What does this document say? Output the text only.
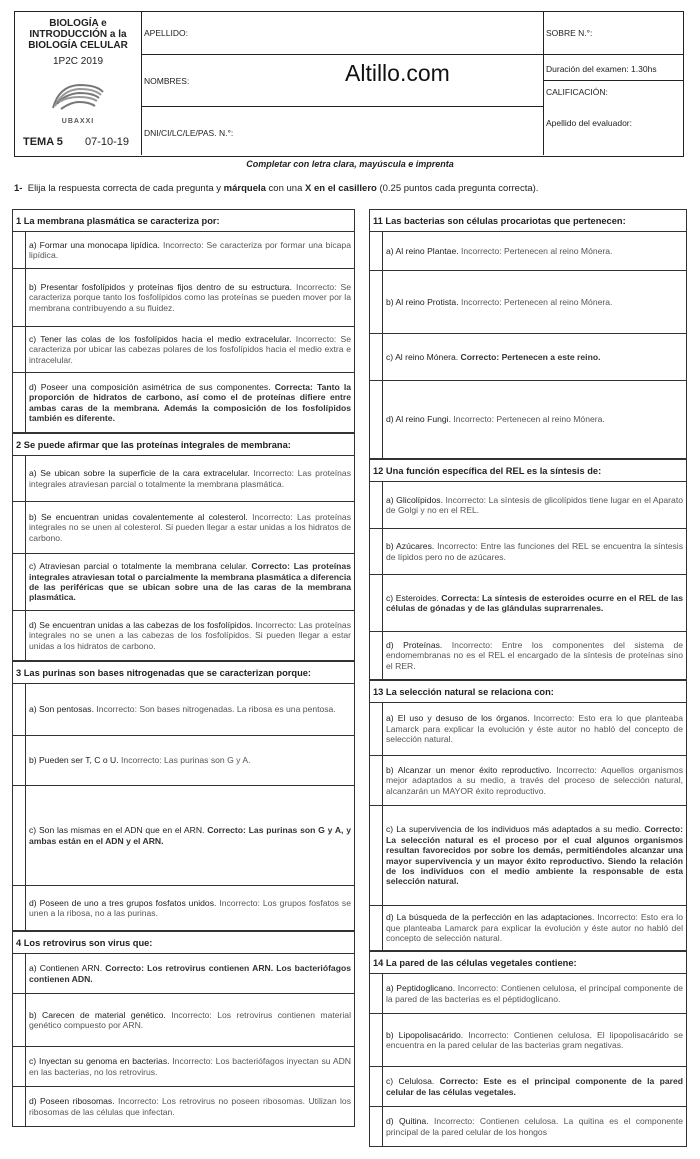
BIOLOGÍA e INTRODUCCIÓN a la BIOLOGÍA CELULAR
1P2C 2019
UBAXXI
TEMA 5 07-10-19
APELLIDO:
NOMBRES:	Altillo.com
DNI/CI/LC/LE/PAS. N.°:
SOBRE N.°:
Duración del examen: 1.30hs
CALIFICACIÓN:
Apellido del evaluador:
Completar con letra clara, mayúscula e imprenta
1- Elija la respuesta correcta de cada pregunta y márquela con una X en el casillero (0.25 puntos cada pregunta correcta).
1 La membrana plasmática se caracteriza por:
a) Formar una monocapa lipídica. Incorrecto: Se caracteriza por formar una bicapa lipídica.
b) Presentar fosfolípidos y proteínas fijos dentro de su estructura. Incorrecto: Se caracteriza porque tanto los fosfolípidos como las proteínas se pueden mover por la membrana contribuyendo a su fluidez.
c) Tener las colas de los fosfolípidos hacia el medio extracelular. Incorrecto: Se caracteriza por ubicar las cabezas polares de los fosfolípidos hacia el medio extra e intracelular.
d) Poseer una composición asimétrica de sus componentes. Correcta: Tanto la proporción de hidratos de carbono, así como el de proteínas difiere entre ambas caras de la membrana. Además la composición de los fosfolípidos también es diferente.
2 Se puede afirmar que las proteínas integrales de membrana:
a) Se ubican sobre la superficie de la cara extracelular. Incorrecto: Las proteínas integrales atraviesan parcial o totalmente la membrana plasmática.
b) Se encuentran unidas covalentemente al colesterol. Incorrecto: Las proteínas integrales no se unen al colesterol. Si pueden llegar a estar unidas a los hidratos de carbono.
c) Atraviesan parcial o totalmente la membrana celular. Correcto: Las proteínas integrales atraviesan total o parcialmente la membrana plasmática a diferencia de las periféricas que se ubican sobre una de las caras de la membrana plasmática.
d) Se encuentran unidas a las cabezas de los fosfolípidos. Incorrecto: Las proteínas integrales no se unen a las cabezas de los fosfolípidos. Si pueden llegar a estar unidas a los hidratos de carbono.
3 Las purinas son bases nitrogenadas que se caracterizan porque:
a) Son pentosas. Incorrecto: Son bases nitrogenadas. La ribosa es una pentosa.
b) Pueden ser T, C o U. Incorrecto: Las purinas son G y A.
c) Son las mismas en el ADN que en el ARN. Correcto: Las purinas son G y A, y ambas están en el ADN y el ARN.
d) Poseen de uno a tres grupos fosfatos unidos. Incorrecto: Los grupos fosfatos se unen a la ribosa, no a las purinas.
4 Los retrovirus son virus que:
a) Contienen ARN. Correcto: Los retrovirus contienen ARN. Los bacteriófagos contienen ADN.
b) Carecen de material genético. Incorrecto: Los retrovirus contienen material genético compuesto por ARN.
c) Inyectan su genoma en bacterias. Incorrecto: Los bacteriófagos inyectan su ADN en las bacterias, no los retrovirus.
d) Poseen ribosomas. Incorrecto: Los retrovirus no poseen ribosomas. Utilizan los ribosomas de las células que infectan.
11 Las bacterias son células procariotas que pertenecen:
a) Al reino Plantae. Incorrecto: Pertenecen al reino Mónera.
b) Al reino Protista. Incorrecto: Pertenecen al reino Mónera.
c) Al reino Mónera. Correcto: Pertenecen a este reino.
d) Al reino Fungi. Incorrecto: Pertenecen al reino Mónera.
12 Una función específica del REL es la síntesis de:
a) Glicolípidos. Incorrecto: La síntesis de glicolípidos tiene lugar en el Aparato de Golgi y no en el REL.
b) Azúcares. Incorrecto: Entre las funciones del REL se encuentra la síntesis de lípidos pero no de azúcares.
c) Esteroides. Correcta: La síntesis de esteroides ocurre en el REL de las células de gónadas y de las glándulas suprarrenales.
d) Proteínas. Incorrecto: Entre los componentes del sistema de endomembranas no es el REL el encargado de la síntesis de proteínas sino el RER.
13 La selección natural se relaciona con:
a) El uso y desuso de los órganos. Incorrecto: Esto era lo que planteaba Lamarck para explicar la evolución y éste autor no habló del concepto de selección natural.
b) Alcanzar un menor éxito reproductivo. Incorrecto: Aquellos organismos mejor adaptados a su medio, a través del proceso de selección natural, alcanzarán un MAYOR éxito reproductivo.
c) La supervivencia de los individuos más adaptados a su medio. Correcto: La selección natural es el proceso por el cual algunos organismos resultan favorecidos por sobre los demás, permitiéndoles alcanzar una mayor supervivencia y un mayor éxito reproductivo. Siendo la relación de los individuos con el medio ambiente la responsable de esta selección natural.
d) La búsqueda de la perfección en las adaptaciones. Incorrecto: Esto era lo que planteaba Lamarck para explicar la evolución y éste autor no habló del concepto de selección natural.
14 La pared de las células vegetales contiene:
a) Peptidoglicano. Incorrecto: Contienen celulosa, el principal componente de la pared de las bacterias es el péptidoglicano.
b) Lipopolisacárido. Incorrecto: Contienen celulosa. El lipopolisacárido se encuentra en la pared celular de las bacterias gram negativas.
c) Celulosa. Correcto: Este es el principal componente de la pared celular de las células vegetales.
d) Quitina. Incorrecto: Contienen celulosa. La quitina es el componente principal de la pared celular de los hongos
